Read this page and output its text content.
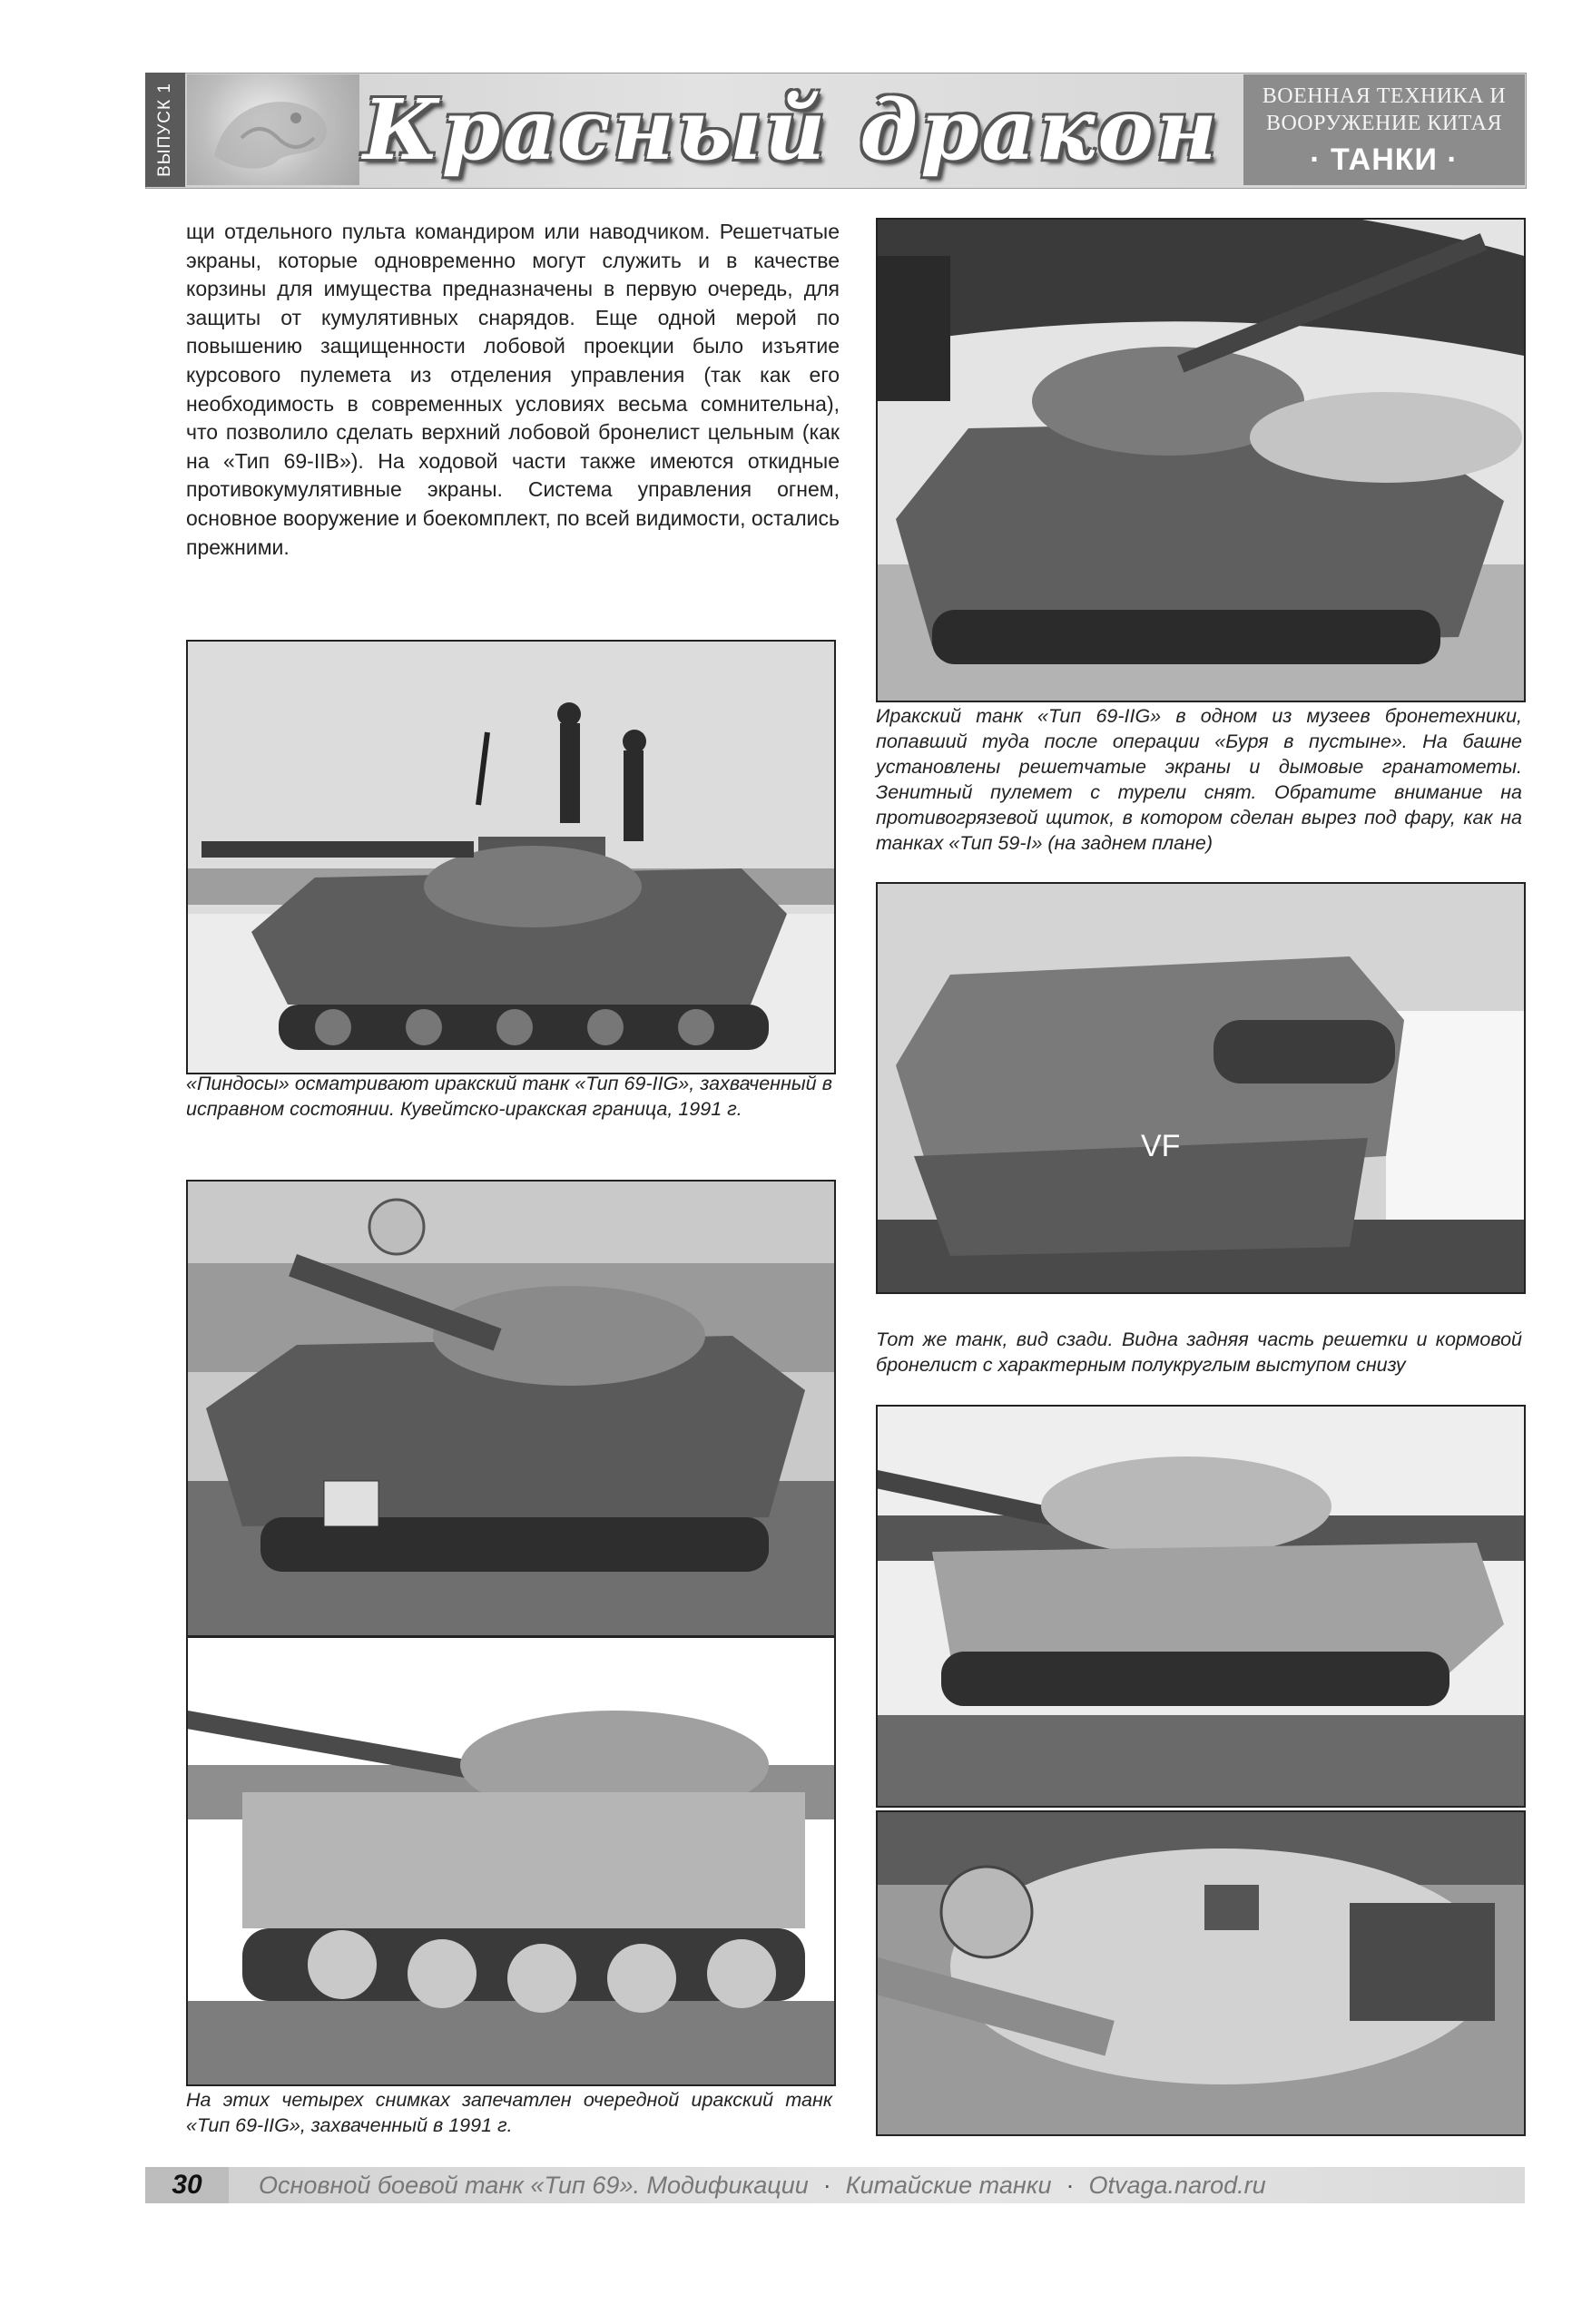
ВЫПУСК 1 Красный дракон	ВОЕННАЯ ТЕХНИКА И
ВООРУЖЕНИЕ КИТАЯ
· ТАНКИ ·
щи отдельного пульта командиром или наводчиком. Решетчатые экраны, которые одновременно могут служить и в качестве корзины для имущества предназначены в первую очередь, для защиты от кумулятивных снарядов. Еще одной мерой по повышению защищенности лобовой проекции было изъятие курсового пулемета из отделения управления (так как его необходимость в современных условиях весьма сомнительна), что позволило сделать верхний лобовой бронелист цельным (как на «Тип 69-IIВ»). На ходовой части также имеются откидные противокумулятивные экраны. Система управления огнем, основное вооружение и боекомплект, по всей видимости, остались прежними.
«Пиндосы» осматривают иракский танк «Тип 69-IIG», захваченный в исправном состоянии. Кувейтско-иракская граница, 1991 г.
На этих четырех снимках запечатлен очередной иракский танк «Тип 69-IIG», захваченный в 1991 г.
Иракский танк «Тип 69-IIG» в одном из музеев бронетехники, попавший туда после операции «Буря в пустыне». На башне установлены решетчатые экраны и дымовые гранатометы. Зенитный пулемет с турели снят. Обратите внимание на противогрязевой щиток, в котором сделан вырез под фару, как на танках «Тип 59-I» (на заднем плане)
VF
Тот же танк, вид сзади. Видна задняя часть решетки и кормовой бронелист с характерным полукруглым выступом снизу
30	Основной боевой танк «Тип 69». Модификации · Китайские танки · Otvaga.narod.ru
